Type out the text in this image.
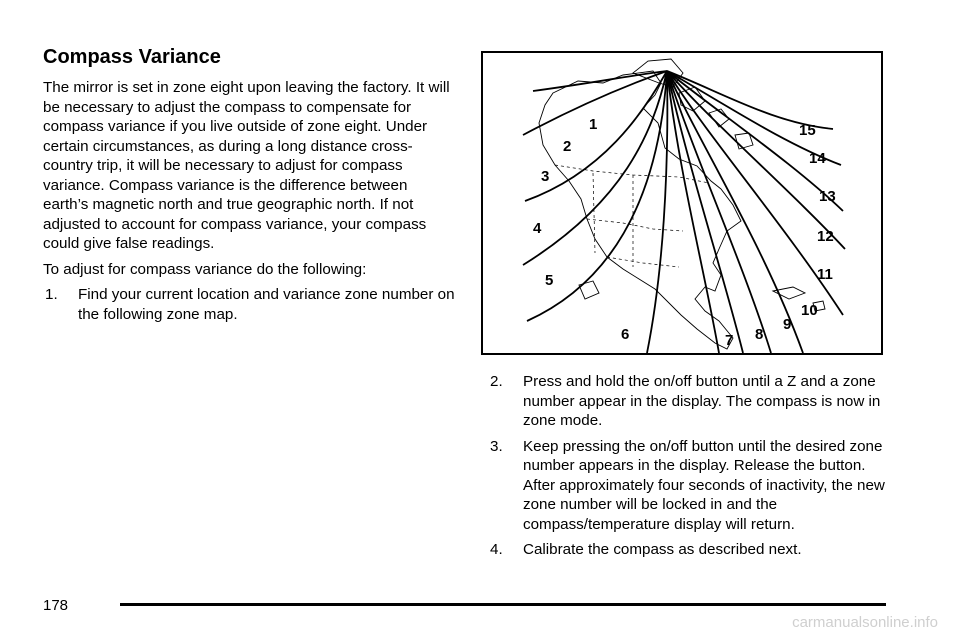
Compass Variance

The mirror is set in zone eight upon leaving the factory. It will be necessary to adjust the compass to compensate for compass variance if you live outside of zone eight. Under certain circumstances, as during a long distance cross-country trip, it will be necessary to adjust for compass variance. Compass variance is the difference between earth’s magnetic north and true geographic north. If not adjusted to account for compass variance, your compass could give false readings.

To adjust for compass variance do the following:

1.	Find your current location and variance zone number on the following zone map.
1
2
3
4
5
6	7 8
9
10
11
12
13
14
15
2.	Press and hold the on/off button until a Z and a zone number appear in the display. The compass is now in zone mode.
3.	Keep pressing the on/off button until the desired zone number appears in the display. Release the button. After approximately four seconds of inactivity, the new zone number will be locked in and the compass/temperature display will return.
4.	Calibrate the compass as described next.
178
carmanualsonline.info
